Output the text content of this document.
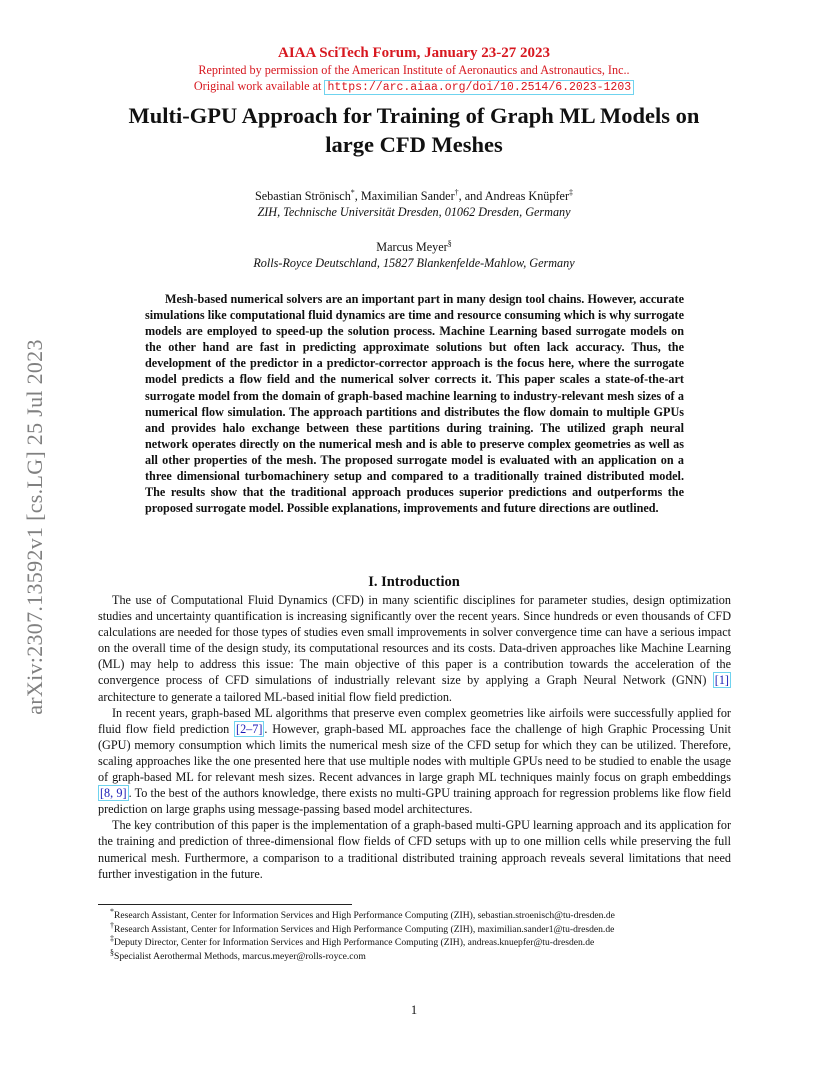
arXiv:2307.13592v1 [cs.LG] 25 Jul 2023
AIAA SciTech Forum, January 23-27 2023
Reprinted by permission of the American Institute of Aeronautics and Astronautics, Inc..
Original work available at https://arc.aiaa.org/doi/10.2514/6.2023-1203
Multi-GPU Approach for Training of Graph ML Models on
large CFD Meshes
Sebastian Strönisch*, Maximilian Sander†, and Andreas Knüpfer‡
ZIH, Technische Universität Dresden, 01062 Dresden, Germany
Marcus Meyer§
Rolls-Royce Deutschland, 15827 Blankenfelde-Mahlow, Germany
Mesh-based numerical solvers are an important part in many design tool chains. However, accurate simulations like computational fluid dynamics are time and resource consuming which is why surrogate models are employed to speed-up the solution process. Machine Learning based surrogate models on the other hand are fast in predicting approximate solutions but often lack accuracy. Thus, the development of the predictor in a predictor-corrector approach is the focus here, where the surrogate model predicts a flow field and the numerical solver corrects it. This paper scales a state-of-the-art surrogate model from the domain of graph-based machine learning to industry-relevant mesh sizes of a numerical flow simulation. The approach partitions and distributes the flow domain to multiple GPUs and provides halo exchange between these partitions during training. The utilized graph neural network operates directly on the numerical mesh and is able to preserve complex geometries as well as all other properties of the mesh. The proposed surrogate model is evaluated with an application on a three dimensional turbomachinery setup and compared to a traditionally trained distributed model. The results show that the traditional approach produces superior predictions and outperforms the proposed surrogate model. Possible explanations, improvements and future directions are outlined.
I. Introduction

The use of Computational Fluid Dynamics (CFD) in many scientific disciplines for parameter studies, design optimization studies and uncertainty quantification is increasing significantly over the recent years. Since hundreds or even thousands of CFD calculations are needed for those types of studies even small improvements in solver convergence time can have a serious impact on the overall time of the design study, its computational resources and its costs. Data-driven approaches like Machine Learning (ML) may help to address this issue: The main objective of this paper is a contribution towards the acceleration of the convergence process of CFD simulations of industrially relevant size by applying a Graph Neural Network (GNN) [1] architecture to generate a tailored ML-based initial flow field prediction.

In recent years, graph-based ML algorithms that preserve even complex geometries like airfoils were successfully applied for fluid flow field prediction [2–7] . However, graph-based ML approaches face the challenge of high Graphic Processing Unit (GPU) memory consumption which limits the numerical mesh size of the CFD setup for which they can be utilized. Therefore, scaling approaches like the one presented here that use multiple nodes with multiple GPUs need to be studied to enable the usage of graph-based ML for relevant mesh sizes. Recent advances in large graph ML techniques mainly focus on graph embeddings [8, 9] . To the best of the authors knowledge, there exists no multi-GPU training approach for regression problems like flow field prediction on large graphs using message-passing based model architectures.

The key contribution of this paper is the implementation of a graph-based multi-GPU learning approach and its application for the training and prediction of three-dimensional flow fields of CFD setups with up to one million cells while preserving the full numerical mesh. Furthermore, a comparison to a traditional distributed training approach reveals several limitations that need further investigation in the future.

*Research Assistant, Center for Information Services and High Performance Computing (ZIH), sebastian.stroenisch@tu-dresden.de
†Research Assistant, Center for Information Services and High Performance Computing (ZIH), maximilian.sander1@tu-dresden.de
‡Deputy Director, Center for Information Services and High Performance Computing (ZIH), andreas.knuepfer@tu-dresden.de
§Specialist Aerothermal Methods, marcus.meyer@rolls-royce.com
1
